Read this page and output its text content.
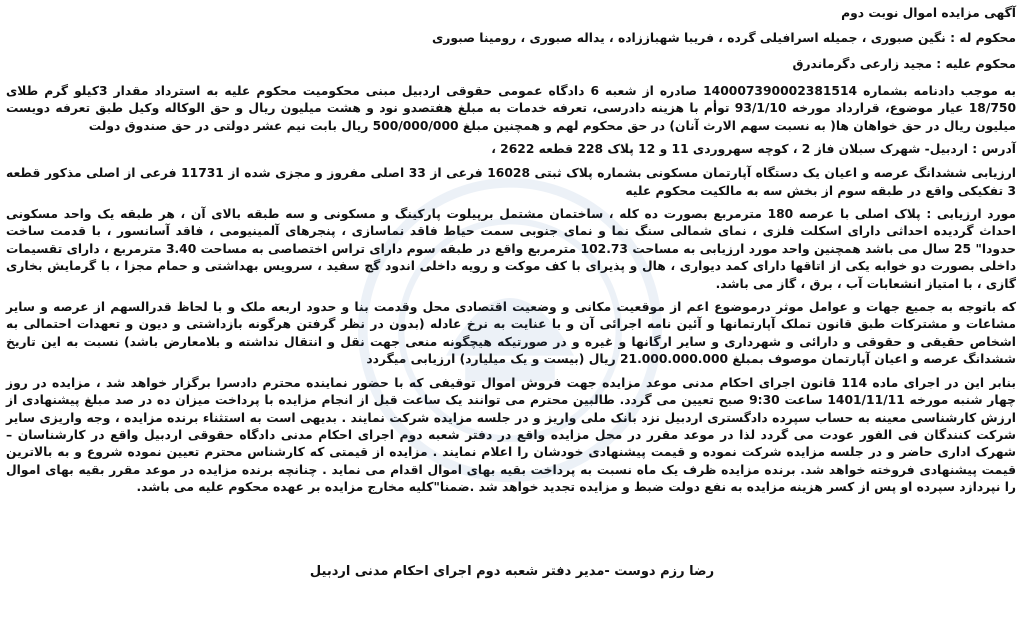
آگهی مزایده اموال نوبت دوم
محکوم له : نگین صبوری ، جمیله اسرافیلی گرده ، فریبا شهباززاده ، یداله صبوری ، رومینا صبوری
محکوم علیه : مجید زارعی دگرماندرق
به موجب دادنامه بشماره 140007390002381514 صادره از شعبه 6 دادگاه عمومی حقوقی اردبیل مبنی محکومیت محکوم علیه به استرداد مقدار 3کیلو گرم طلای 18/750 عیار موضوع، قرارداد مورخه 93/1/10 توأم با هزینه دادرسی، تعرفه خدمات به مبلغ هفتصدو نود و هشت میلیون ریال و حق الوکاله وکیل طبق تعرفه دویست میلیون ریال در حق خواهان ها( به نسبت سهم الارث آنان) در حق محکوم لهم و همچنین مبلغ 500/000/000 ریال بابت نیم عشر دولتی در حق صندوق دولت
آدرس : اردبیل- شهرک سبلان فاز 2 ، کوچه سهروردی 11 و 12 پلاک 228 قطعه 2622 ،
ارزیابی ششدانگ عرصه و اعیان یک دستگاه آپارتمان مسکونی بشماره پلاک ثبتی 16028 فرعی از 33 اصلی مفروز و مجزی شده از 11731 فرعی از اصلی مذکور قطعه 3 تفکیکی واقع در طبقه سوم از بخش سه به مالکیت محکوم علیه
مورد ارزیابی : پلاک اصلی با عرصه 180 مترمربع بصورت ده کله ، ساختمان مشتمل برپیلوت پارکینگ و مسکونی و سه طبقه بالای آن ، هر طبقه یک واحد مسکونی احداث گردیده احداثی دارای اسکلت فلزی ، نمای شمالی سنگ نما و نمای جنوبی سمت حیاط فاقد نماسازی ، پنجرهای آلمینیومی ، فاقد آسانسور ، با قدمت ساخت حدودا" 25 سال می باشد همچنین واحد مورد ارزیابی به مساحت 102.73 مترمربع واقع در طبقه سوم دارای تراس اختصاصی به مساحت 3.40 مترمربع ، دارای تقسیمات داخلی بصورت دو خوابه یکی از اتاقها دارای کمد دیواری ، هال و پذیرای با کف موکت و رویه داخلی اندود گچ سفید ، سرویس بهداشتی و حمام مجزا ، با گرمایش بخاری گازی ، با امتیاز انشعابات آب ، برق ، گاز می باشد.
که باتوجه به جمیع جهات و عوامل موثر درموضوع اعم از موقعیت مکانی و وضعیت اقتصادی محل وقدمت بنا و حدود اربعه ملک و با لحاظ قدرالسهم از عرصه و سایر مشاعات و مشترکات طبق قانون تملک آپارتمانها و آئین نامه اجرائی آن و با عنایت به نرخ عادله (بدون در نظر گرفتن هرگونه بازداشتی و دیون و تعهدات احتمالی به اشخاص حقیقی و حقوقی و دارائی و شهرداری و سایر ارگانها و غیره و در صورتیکه هیچگونه منعی جهت نقل و انتقال نداشته و بلامعارض باشد) نسبت به این تاریخ ششدانگ عرصه و اعیان آپارتمان موصوف بمبلغ 21.000.000.000 ریال (بیست و یک میلیارد) ارزیابی میگردد
بنابر این در اجرای ماده 114 قانون اجرای احکام مدنی موعد مزایده جهت فروش اموال توقیفی که با حضور نماینده محترم دادسرا برگزار خواهد شد ، مزایده در روز چهار شنبه مورخه 1401/11/11 ساعت 9:30 صبح تعیین می گردد. طالبین محترم می توانند یک ساعت قبل از انجام مزایده با پرداخت میزان ده در صد مبلغ پیشنهادی از ارزش کارشناسی معینه به حساب سپرده دادگستری اردبیل نزد بانک ملی واریز و در جلسه مزایده شرکت نمایند . بدیهی است به استثناء برنده مزایده ، وجه واریزی سایر شرکت کنندگان فی الفور عودت می گردد لذا در موعد مقرر در محل مزایده واقع در دفتر شعبه دوم اجرای احکام مدنی دادگاه حقوقی اردبیل واقع در کارشناسان – شهرک اداری حاضر و در جلسه مزایده شرکت نموده و قیمت پیشنهادی خودشان را اعلام نمایند . مزایده از قیمتی که کارشناس محترم تعیین نموده شروع و به بالاترین قیمت پیشنهادی فروخته خواهد شد. برنده مزایده ظرف یک ماه نسبت به پرداخت بقیه بهای اموال اقدام می نماید . چنانچه برنده مزایده در موعد مقرر بقیه بهای اموال را نپردازد سپرده او پس از کسر هزینه مزایده به نفع دولت ضبط و مزایده تجدید خواهد شد .ضمنا"کلیه مخارج مزایده بر عهده محکوم علیه می باشد.
رضا رزم دوست -مدیر دفتر شعبه دوم اجرای احکام مدنی اردبیل
